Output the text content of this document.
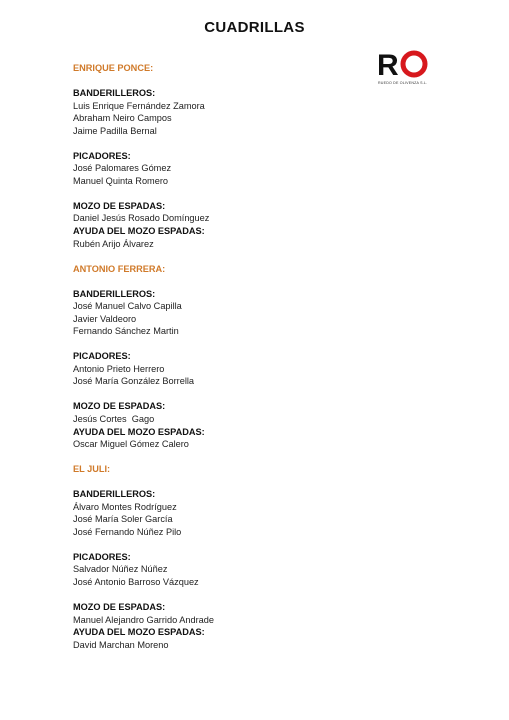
CUADRILLAS
R
RUEDO DE OLIVENZA S.L.
ENRIQUE PONCE:
BANDERILLEROS:
Luis Enrique Fernández Zamora
Abraham Neiro Campos
Jaime Padilla Bernal
PICADORES:
José Palomares Gómez
Manuel Quinta Romero
MOZO DE ESPADAS:
Daniel Jesús Rosado Domínguez
AYUDA DEL MOZO ESPADAS:
Rubén Arijo Álvarez
ANTONIO FERRERA:
BANDERILLEROS:
José Manuel Calvo Capilla
Javier Valdeoro
Fernando Sánchez Martin
PICADORES:
Antonio Prieto Herrero
José María González Borrella
MOZO DE ESPADAS:
Jesús Cortes  Gago
AYUDA DEL MOZO ESPADAS:
Oscar Miguel Gómez Calero
EL JULI:
BANDERILLEROS:
Álvaro Montes Rodríguez
José María Soler García
José Fernando Núñez Pilo
PICADORES:
Salvador Núñez Núñez
José Antonio Barroso Vázquez
MOZO DE ESPADAS:
Manuel Alejandro Garrido Andrade
AYUDA DEL MOZO ESPADAS:
David Marchan Moreno
